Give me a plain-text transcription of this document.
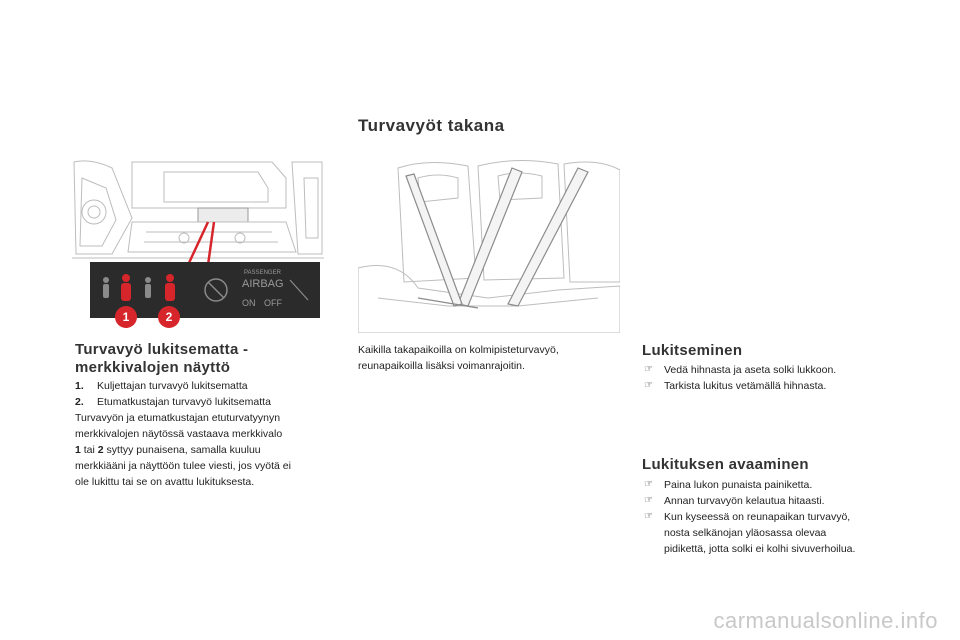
Turvavyöt takana
PASSENGER
AIRBAG
ON OFF
1	2
Turvavyö lukitsematta -
merkkivalojen näyttö
1. Kuljettajan turvavyö lukitsematta
2. Etumatkustajan turvavyö lukitsematta
Turvavyön ja etumatkustajan etuturvatyynyn
merkkivalojen näytössä vastaava merkkivalo
1 tai 2 syttyy punaisena, samalla kuuluu
merkkiääni ja näyttöön tulee viesti, jos vyötä ei
ole lukittu tai se on avattu lukituksesta.
Kaikilla takapaikoilla on kolmipisteturvavyö,
reunapaikoilla lisäksi voimanrajoitin.
Lukitseminen
☞ Vedä hihnasta ja aseta solki lukkoon.
☞ Tarkista lukitus vetämällä hihnasta.
Lukituksen avaaminen
☞ Paina lukon punaista painiketta.
☞ Annan turvavyön kelautua hitaasti.
☞ Kun kyseessä on reunapaikan turvavyö,
nosta selkänojan yläosassa olevaa
pidikettä, jotta solki ei kolhi sivuverhoilua.
carmanualsonline.info
